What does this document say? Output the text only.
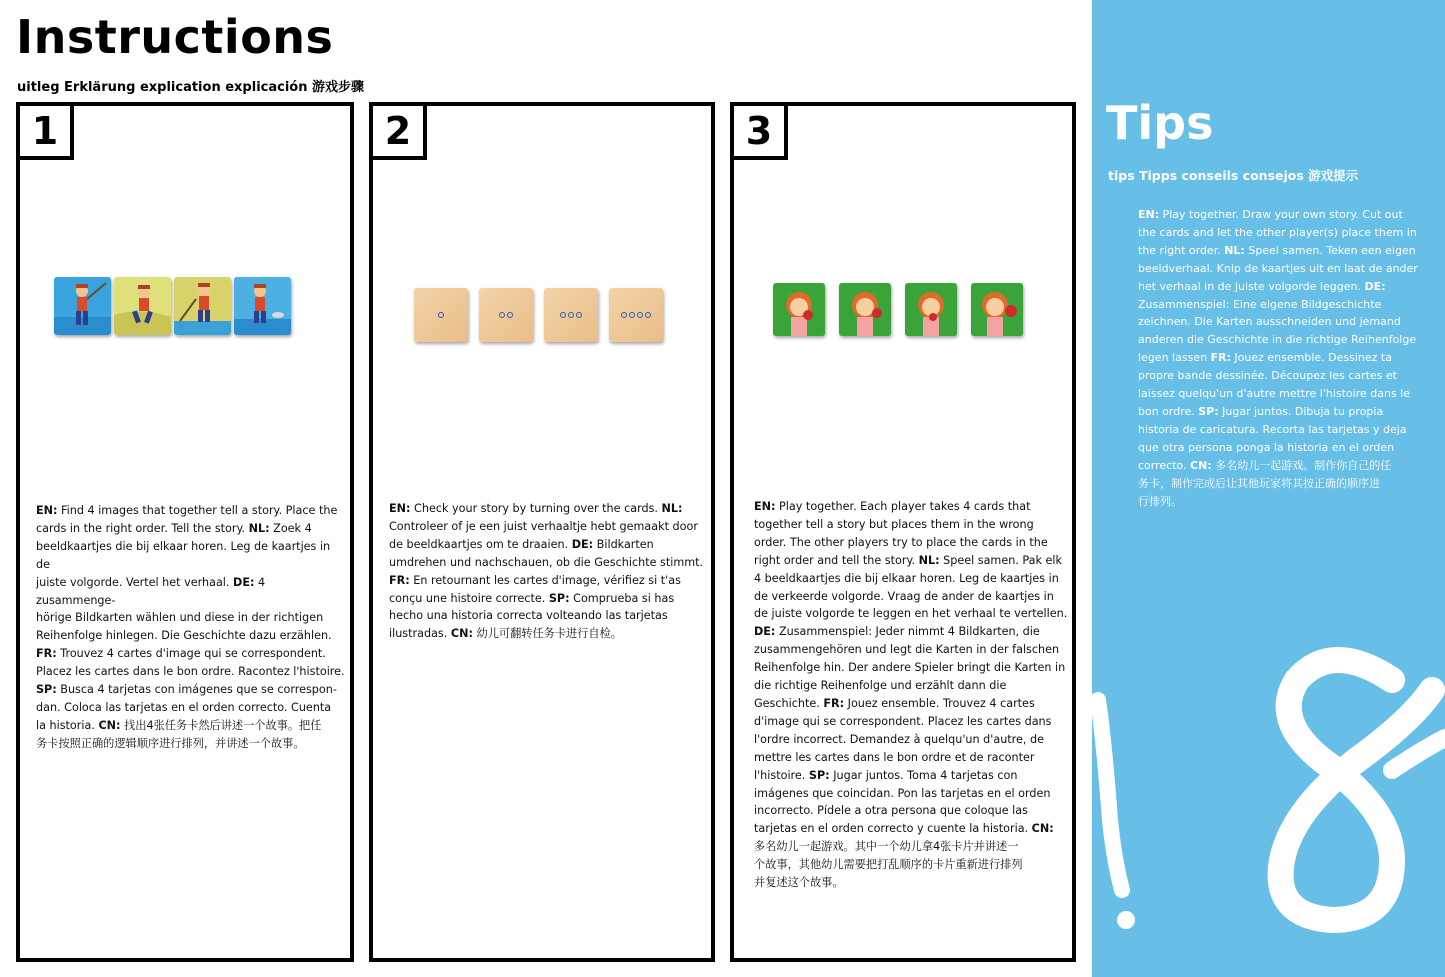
Instructions
uitleg Erklärung explication explicación 游戏步骤
1
EN: Find 4 images that together tell a story. Place the
cards in the right order. Tell the story. NL: Zoek 4
beeldkaartjes die bij elkaar horen. Leg de kaartjes in de
juiste volgorde. Vertel het verhaal. DE: 4 zusammenge-
hörige Bildkarten wählen und diese in der richtigen
Reihenfolge hinlegen. Die Geschichte dazu erzählen.
FR: Trouvez 4 cartes d'image qui se correspondent.
Placez les cartes dans le bon ordre. Racontez l'histoire.
SP: Busca 4 tarjetas con imágenes que se correspon-
dan. Coloca las tarjetas en el orden correcto. Cuenta
la historia. CN: 找出4张任务卡然后讲述一个故事。把任
务卡按照正确的逻辑顺序进行排列，并讲述一个故事。
2
EN: Check your story by turning over the cards. NL:
Controleer of je een juist verhaaltje hebt gemaakt door
de beeldkaartjes om te draaien. DE: Bildkarten
umdrehen und nachschauen, ob die Geschichte stimmt.
FR: En retournant les cartes d'image, vérifiez si t'as
conçu une histoire correcte. SP: Comprueba si has
hecho una historia correcta volteando las tarjetas
ilustradas. CN: 幼儿可翻转任务卡进行自检。
3
EN: Play together. Each player takes 4 cards that
together tell a story but places them in the wrong
order. The other players try to place the cards in the
right order and tell the story. NL: Speel samen. Pak elk
4 beeldkaartjes die bij elkaar horen. Leg de kaartjes in
de verkeerde volgorde. Vraag de ander de kaartjes in
de juiste volgorde te leggen en het verhaal te vertellen.
DE: Zusammenspiel: Jeder nimmt 4 Bildkarten, die
zusammengehören und legt die Karten in der falschen
Reihenfolge hin. Der andere Spieler bringt die Karten in
die richtige Reihenfolge und erzählt dann die
Geschichte. FR: Jouez ensemble. Trouvez 4 cartes
d'image qui se correspondent. Placez les cartes dans
l'ordre incorrect. Demandez à quelqu'un d'autre, de
mettre les cartes dans le bon ordre et de raconter
l'histoire. SP: Jugar juntos. Toma 4 tarjetas con
imágenes que coincidan. Pon las tarjetas en el orden
incorrecto. Pídele a otra persona que coloque las
tarjetas en el orden correcto y cuente la historia. CN:
多名幼儿一起游戏。其中一个幼儿拿4张卡片并讲述一
个故事，其他幼儿需要把打乱顺序的卡片重新进行排列
并复述这个故事。
Tips
tips Tipps conseils consejos 游戏提示
EN: Play together. Draw your own story. Cut out
the cards and let the other player(s) place them in
the right order. NL: Speel samen. Teken een eigen
beeldverhaal. Knip de kaartjes uit en laat de ander
het verhaal in de juiste volgorde leggen. DE:
Zusammenspiel: Eine eigene Bildgeschichte
zeichnen. Die Karten ausschneiden und jemand
anderen die Geschichte in die richtige Reihenfolge
legen lassen FR: Jouez ensemble. Dessinez ta
propre bande dessinée. Découpez les cartes et
laissez quelqu'un d'autre mettre l'histoire dans le
bon ordre. SP: Jugar juntos. Dibuja tu propia
historia de caricatura. Recorta las tarjetas y deja
que otra persona ponga la historia en el orden
correcto. CN: 多名幼儿一起游戏。制作你自己的任
务卡，制作完成后让其他玩家将其按正确的顺序进
行排列。
